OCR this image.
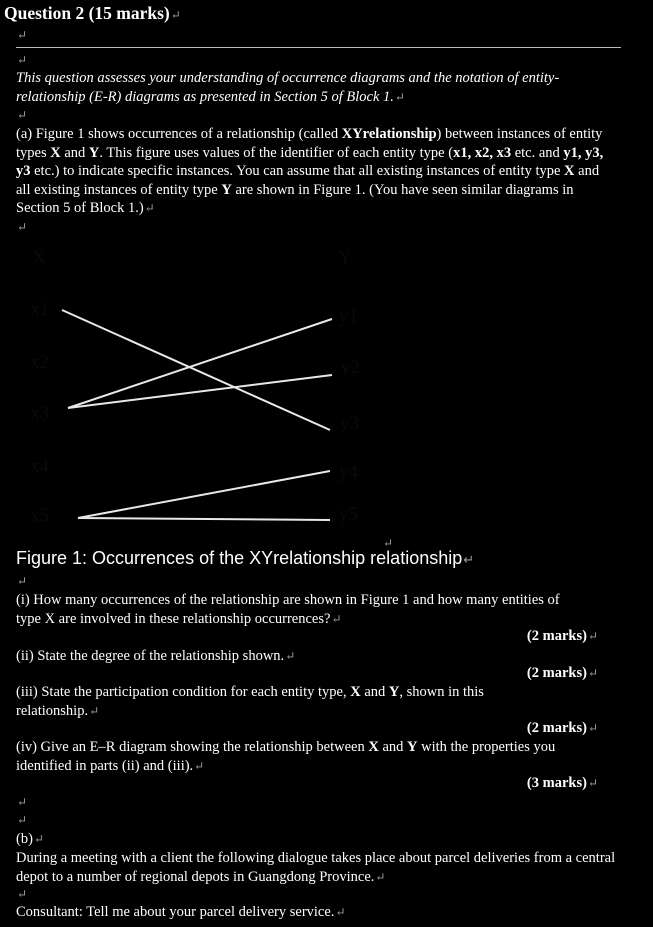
Question 2 (15 marks)↵
↵
↵
This question assesses your understanding of occurrence diagrams and the notation of entity-relationship (E-R) diagrams as presented in Section 5 of Block 1.↵
↵
(a) Figure 1 shows occurrences of a relationship (called XYrelationship) between instances of entity types X and Y. This figure uses values of the identifier of each entity type (x1, x2, x3 etc. and y1, y3, y3 etc.) to indicate specific instances. You can assume that all existing instances of entity type X and all existing instances of entity type Y are shown in Figure 1. (You have seen similar diagrams in Section 5 of Block 1.)↵
↵
X	Y
x1
x2
x3
x4
x5
y1
y2
y3
y4
y5
↵
Figure 1: Occurrences of the XYrelationship relationship↵
↵
(i) How many occurrences of the relationship are shown in Figure 1 and how many entities of type X are involved in these relationship occurrences?↵
(2 marks)↵
(ii) State the degree of the relationship shown.↵
(2 marks)↵
(iii) State the participation condition for each entity type, X and Y, shown in this relationship.↵
(2 marks)↵
(iv) Give an E–R diagram showing the relationship between X and Y with the properties you identified in parts (ii) and (iii).↵
(3 marks)↵
↵
↵
(b)↵
During a meeting with a client the following dialogue takes place about parcel deliveries from a central depot to a number of regional depots in Guangdong Province.↵
↵
Consultant: Tell me about your parcel delivery service.↵
